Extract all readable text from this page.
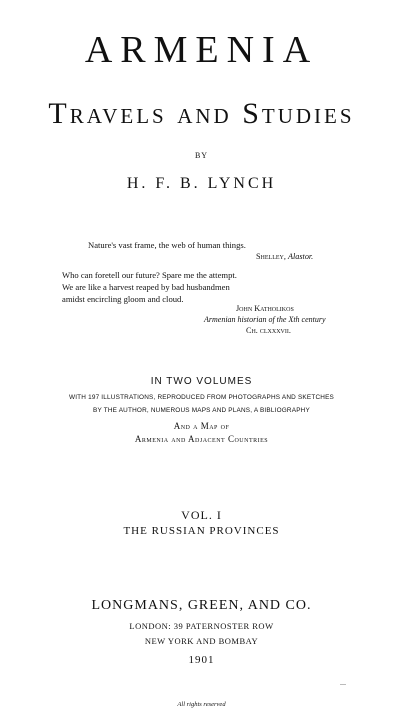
ARMENIA
Travels and Studies
BY
H. F. B. LYNCH
Nature's vast frame, the web of human things.
Shelley, Alastor.
Who can foretell our future? Spare me the attempt.
We are like a harvest reaped by bad husbandmen
amidst encircling gloom and cloud.
John Katholikos
Armenian historian of the Xth century
Ch. clxxxvii.
IN TWO VOLUMES
WITH 197 ILLUSTRATIONS, REPRODUCED FROM PHOTOGRAPHS AND SKETCHES
BY THE AUTHOR, NUMEROUS MAPS AND PLANS, A BIBLIOGRAPHY
And a Map of
Armenia and Adjacent Countries
VOL. I
THE RUSSIAN PROVINCES
LONGMANS, GREEN, AND CO.
LONDON: 39 PATERNOSTER ROW
NEW YORK AND BOMBAY
1901
All rights reserved
